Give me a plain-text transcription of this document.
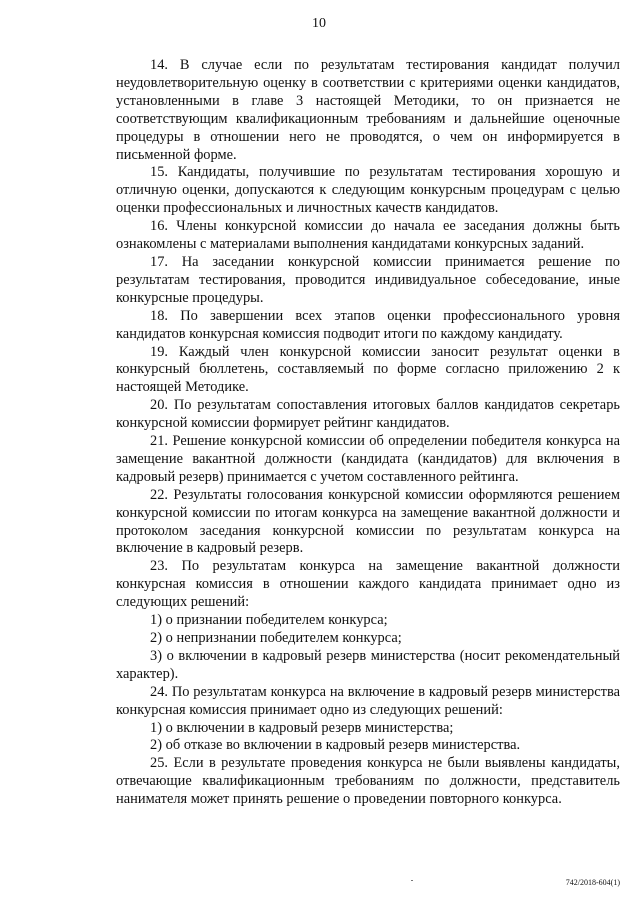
10

14. В случае если по результатам тестирования кандидат получил неудовлетворительную оценку в соответствии с критериями оценки кандидатов, установленными в главе 3 настоящей Методики, то он признается не соответствующим квалификационным требованиям и дальнейшие оценочные процедуры в отношении него не проводятся, о чем он информируется в письменной форме.

15. Кандидаты, получившие по результатам тестирования хорошую и отличную оценки, допускаются к следующим конкурсным процедурам с целью оценки профессиональных и личностных качеств кандидатов.

16. Члены конкурсной комиссии до начала ее заседания должны быть ознакомлены с материалами выполнения кандидатами конкурсных заданий.

17. На заседании конкурсной комиссии принимается решение по результатам тестирования, проводится индивидуальное собеседование, иные конкурсные процедуры.

18. По завершении всех этапов оценки профессионального уровня кандидатов конкурсная комиссия подводит итоги по каждому кандидату.

19. Каждый член конкурсной комиссии заносит результат оценки в конкурсный бюллетень, составляемый по форме согласно приложению 2 к настоящей Методике.

20. По результатам сопоставления итоговых баллов кандидатов секретарь конкурсной комиссии формирует рейтинг кандидатов.

21. Решение конкурсной комиссии об определении победителя конкурса на замещение вакантной должности (кандидата (кандидатов) для включения в кадровый резерв) принимается с учетом составленного рейтинга.

22. Результаты голосования конкурсной комиссии оформляются решением конкурсной комиссии по итогам конкурса на замещение вакантной должности и протоколом заседания конкурсной комиссии по результатам конкурса на включение в кадровый резерв.

23. По результатам конкурса на замещение вакантной должности конкурсная комиссия в отношении каждого кандидата принимает одно из следующих решений:

1) о признании победителем конкурса;

2) о непризнании победителем конкурса;

3) о включении в кадровый резерв министерства (носит рекомендательный характер).

24. По результатам конкурса на включение в кадровый резерв министерства конкурсная комиссия принимает одно из следующих решений:

1) о включении в кадровый резерв министерства;

2) об отказе во включении в кадровый резерв министерства.

25. Если в результате проведения конкурса не были выявлены кандидаты, отвечающие квалификационным требованиям по должности, представитель нанимателя может принять решение о проведении повторного конкурса.

742/2018-604(1)
